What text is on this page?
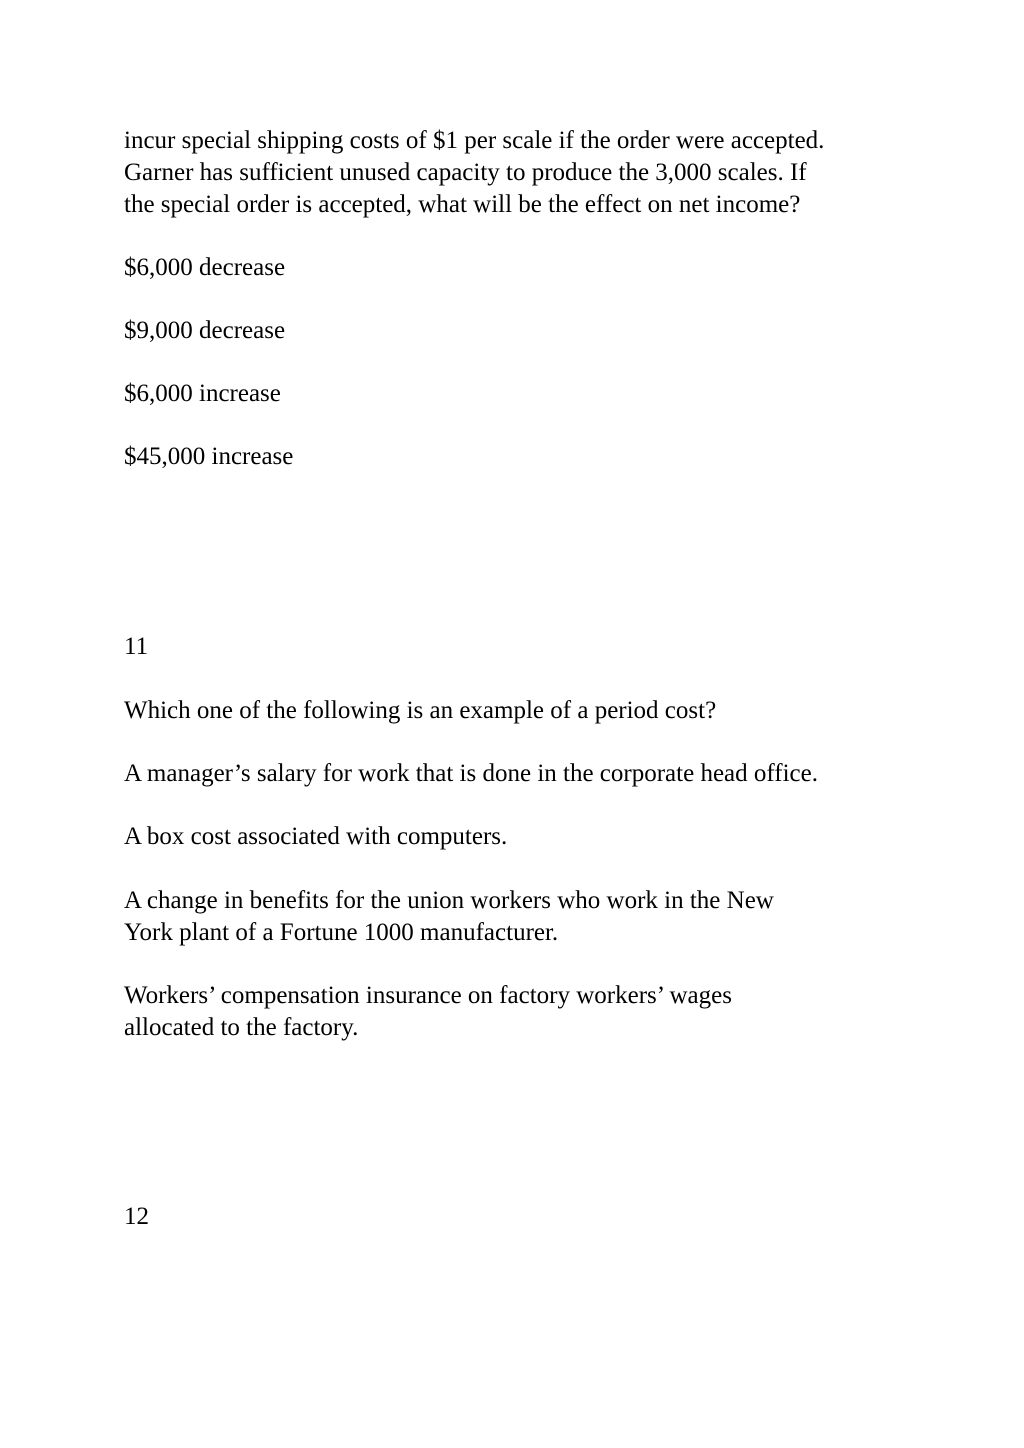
incur special shipping costs of $1 per scale if the order were accepted.
Garner has sufficient unused capacity to produce the 3,000 scales. If
the special order is accepted, what will be the effect on net income?
$6,000 decrease
$9,000 decrease
$6,000 increase
$45,000 increase
11
Which one of the following is an example of a period cost?
A manager’s salary for work that is done in the corporate head office.
A box cost associated with computers.
A change in benefits for the union workers who work in the New
York plant of a Fortune 1000 manufacturer.
Workers’ compensation insurance on factory workers’ wages
allocated to the factory.
12
